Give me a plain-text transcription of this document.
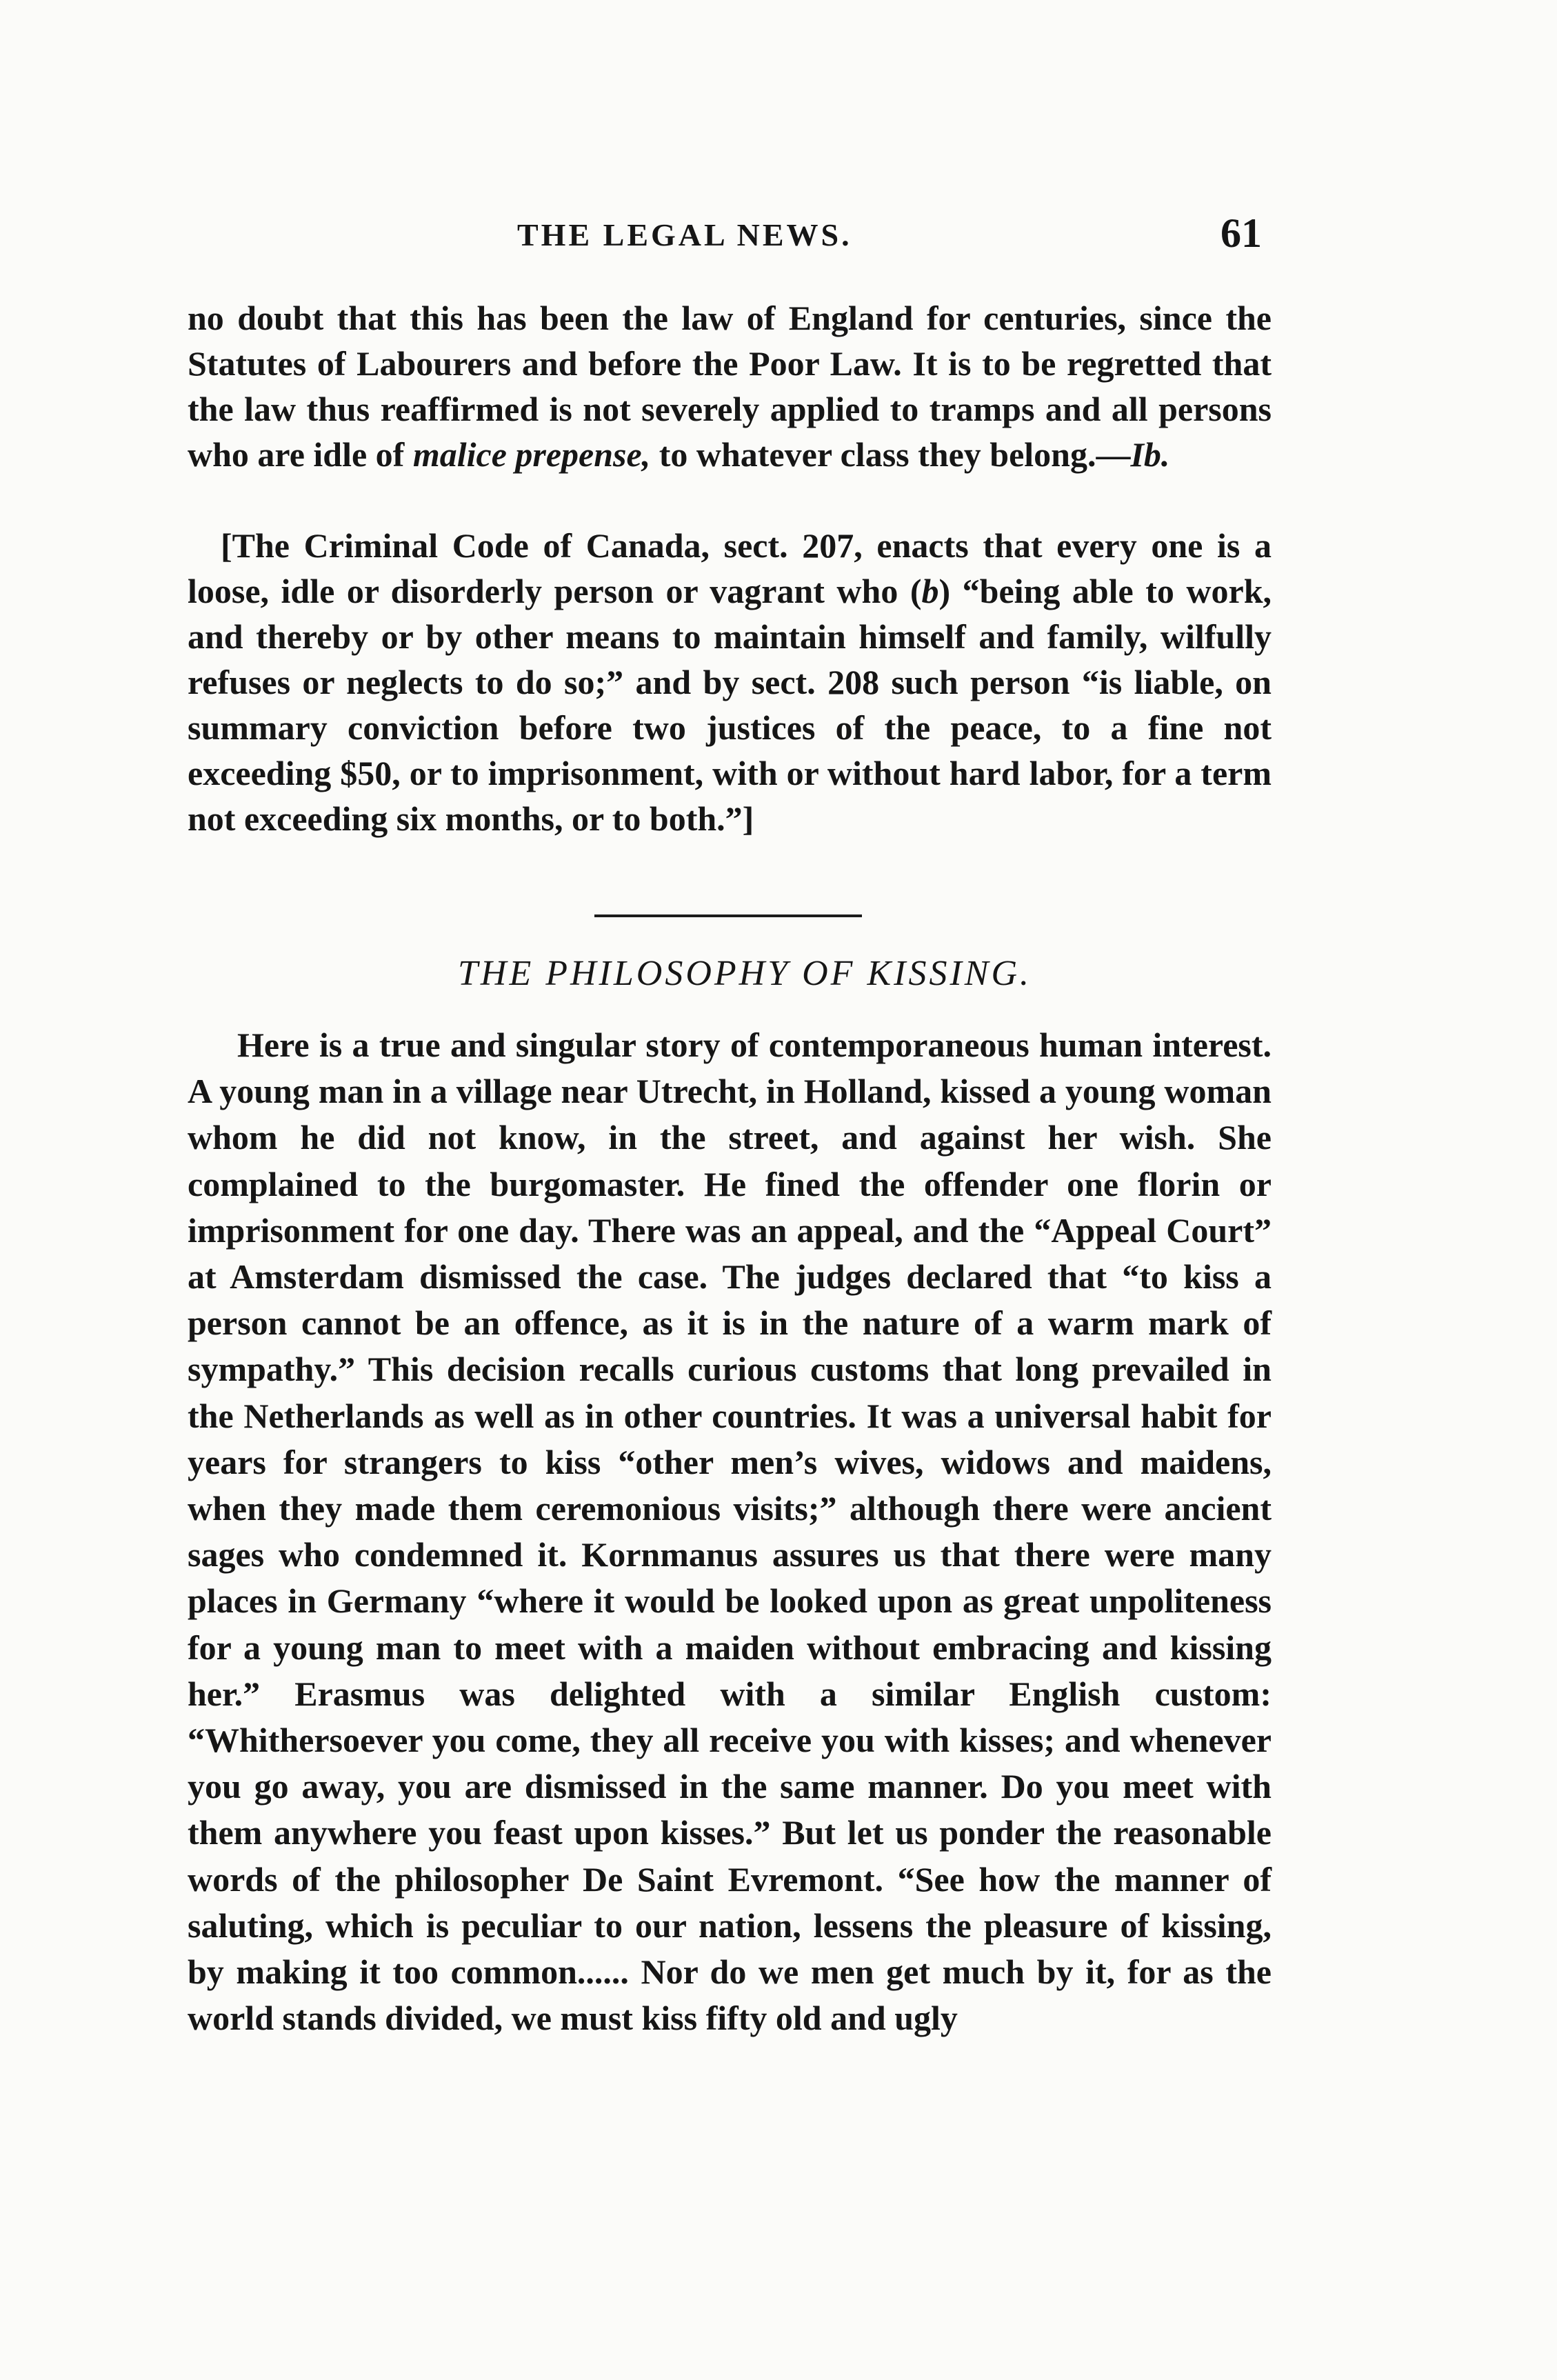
THE LEGAL NEWS.	61

no doubt that this has been the law of England for centuries, since the Statutes of Labourers and before the Poor Law. It is to be regretted that the law thus reaffirmed is not severely applied to tramps and all persons who are idle of malice prepense, to whatever class they belong.—Ib.

[The Criminal Code of Canada, sect. 207, enacts that every one is a loose, idle or disorderly person or vagrant who (b) “being able to work, and thereby or by other means to maintain himself and family, wilfully refuses or neglects to do so;” and by sect. 208 such person “is liable, on summary conviction before two justices of the peace, to a fine not exceeding $50, or to imprisonment, with or without hard labor, for a term not exceeding six months, or to both.”]

THE PHILOSOPHY OF KISSING.

Here is a true and singular story of contemporaneous human interest. A young man in a village near Utrecht, in Holland, kissed a young woman whom he did not know, in the street, and against her wish. She complained to the burgomaster. He fined the offender one florin or imprisonment for one day. There was an appeal, and the “Appeal Court” at Amsterdam dismissed the case. The judges declared that “to kiss a person cannot be an offence, as it is in the nature of a warm mark of sympathy.” This decision recalls curious customs that long prevailed in the Netherlands as well as in other countries. It was a universal habit for years for strangers to kiss “other men’s wives, widows and maidens, when they made them ceremonious visits;” although there were ancient sages who condemned it. Kornmanus assures us that there were many places in Germany “where it would be looked upon as great unpoliteness for a young man to meet with a maiden without embracing and kissing her.” Erasmus was delighted with a similar English custom: “Whithersoever you come, they all receive you with kisses; and whenever you go away, you are dismissed in the same manner. Do you meet with them anywhere you feast upon kisses.” But let us ponder the reasonable words of the philosopher De Saint Evremont. “See how the manner of saluting, which is peculiar to our nation, lessens the pleasure of kissing, by making it too common...... Nor do we men get much by it, for as the world stands divided, we must kiss fifty old and ugly
